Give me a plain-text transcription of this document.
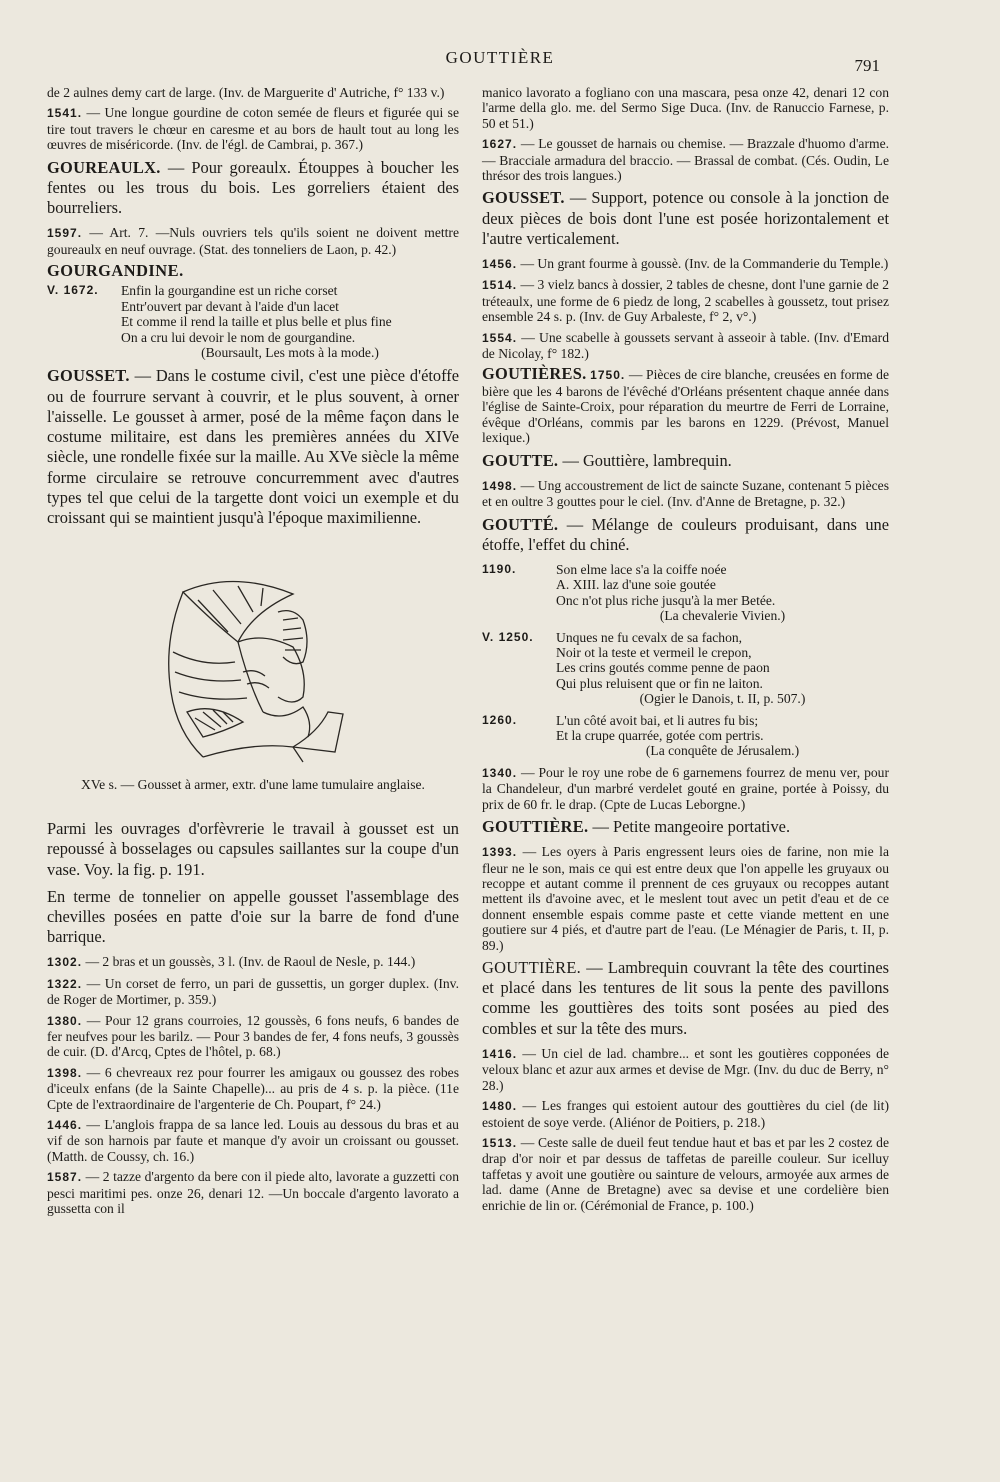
GOUTTIÈRE	791

de 2 aulnes demy cart de large. (Inv. de Marguerite d' Autriche, f° 133 v.)

1541. — Une longue gourdine de coton semée de fleurs et figurée qui se tire tout travers le chœur en caresme et au bors de hault tout au long les œuvres de miséricorde. (Inv. de l'égl. de Cambrai, p. 367.)

GOUREAULX. — Pour goreaulx. Étouppes à boucher les fentes ou les trous du bois. Les gorreliers étaient des bourreliers.

1597. — Art. 7. —Nuls ouvriers tels qu'ils soient ne doivent mettre goureaulx en neuf ouvrage. (Stat. des tonneliers de Laon, p. 42.)

GOURGANDINE.
V. 1672.	Enfin la gourgandine est un riche corset
Entr'ouvert par devant à l'aide d'un lacet
Et comme il rend la taille et plus belle et plus fine
On a cru lui devoir le nom de gourgandine.
(Boursault, Les mots à la mode.)

GOUSSET. — Dans le costume civil, c'est une pièce d'étoffe ou de fourrure servant à couvrir, et le plus souvent, à orner l'aisselle. Le gousset à armer, posé de la même façon dans le costume militaire, est dans les premières années du XIVe siècle, une rondelle fixée sur la maille. Au XVe siècle la même forme circulaire se retrouve concurremment avec d'autres types tel que celui de la targette dont voici un exemple et du croissant qui se maintient jusqu'à l'époque maximilienne.

XVe s. — Gousset à armer, extr. d'une lame tumulaire anglaise.

Parmi les ouvrages d'orfèvrerie le travail à gousset est un repoussé à bosselages ou capsules saillantes sur la coupe d'un vase. Voy. la fig. p. 191.

En terme de tonnelier on appelle gousset l'assemblage des chevilles posées en patte d'oie sur la barre de fond d'une barrique.

1302. — 2 bras et un goussès, 3 l. (Inv. de Raoul de Nesle, p. 144.)

1322. — Un corset de ferro, un pari de gussettis, un gorger duplex. (Inv. de Roger de Mortimer, p. 359.)

1380. — Pour 12 grans courroies, 12 goussès, 6 fons neufs, 6 bandes de fer neufves pour les barilz. — Pour 3 bandes de fer, 4 fons neufs, 3 goussès de cuir. (D. d'Arcq, Cptes de l'hôtel, p. 68.)

1398. — 6 chevreaux rez pour fourrer les amigaux ou goussez des robes d'iceulx enfans (de la Sainte Chapelle)... au pris de 4 s. p. la pièce. (11e Cpte de l'extraordinaire de l'argenterie de Ch. Poupart, f° 24.)

1446. — L'anglois frappa de sa lance led. Louis au dessous du bras et au vif de son harnois par faute et manque d'y avoir un croissant ou gousset. (Matth. de Coussy, ch. 16.)

1587. — 2 tazze d'argento da bere con il piede alto, lavorate a guzzetti con pesci maritimi pes. onze 26, denari 12. —Un boccale d'argento lavorato a gussetta con il

manico lavorato a fogliano con una mascara, pesa onze 42, denari 12 con l'arme della glo. me. del Sermo Sige Duca. (Inv. de Ranuccio Farnese, p. 50 et 51.)

1627. — Le gousset de harnais ou chemise. — Brazzale d'huomo d'arme. — Bracciale armadura del braccio. — Brassal de combat. (Cés. Oudin, Le thrésor des trois langues.)

GOUSSET. — Support, potence ou console à la jonction de deux pièces de bois dont l'une est posée horizontalement et l'autre verticalement.

1456. — Un grant fourme à goussè. (Inv. de la Commanderie du Temple.)

1514. — 3 vielz bancs à dossier, 2 tables de chesne, dont l'une garnie de 2 tréteaulx, une forme de 6 piedz de long, 2 scabelles à goussetz, tout prisez ensemble 24 s. p. (Inv. de Guy Arbaleste, f° 2, v°.)

1554. — Une scabelle à goussets servant à asseoir à table. (Inv. d'Emard de Nicolay, f° 182.)

GOUTIÈRES. 1750. — Pièces de cire blanche, creusées en forme de bière que les 4 barons de l'évêché d'Orléans présentent chaque année dans l'église de Sainte-Croix, pour réparation du meurtre de Ferri de Lorraine, évêque d'Orléans, commis par les barons en 1229. (Prévost, Manuel lexique.)

GOUTTE. — Gouttière, lambrequin.

1498. — Ung accoustrement de lict de saincte Suzane, contenant 5 pièces et en oultre 3 gouttes pour le ciel. (Inv. d'Anne de Bretagne, p. 32.)

GOUTTÉ. — Mélange de couleurs produisant, dans une étoffe, l'effet du chiné.

1190.	Son elme lace s'a la coiffe noée
A. XIII. laz d'une soie goutée
Onc n'ot plus riche jusqu'à la mer Betée.
(La chevalerie Vivien.)
V. 1250.	Unques ne fu cevalx de sa fachon,
Noir ot la teste et vermeil le crepon,
Les crins goutés comme penne de paon
Qui plus reluisent que or fin ne laiton.
(Ogier le Danois, t. II, p. 507.)
1260.	L'un côté avoit bai, et li autres fu bis;
Et la crupe quarrée, gotée com pertris.
(La conquête de Jérusalem.)

1340. — Pour le roy une robe de 6 garnemens fourrez de menu ver, pour la Chandeleur, d'un marbré verdelet gouté en graine, portée à Poissy, du prix de 60 fr. le drap. (Cpte de Lucas Leborgne.)

GOUTTIÈRE. — Petite mangeoire portative.

1393. — Les oyers à Paris engressent leurs oies de farine, non mie la fleur ne le son, mais ce qui est entre deux que l'on appelle les gruyaux ou recoppe et autant comme il prennent de ces gruyaux ou recoppes autant mettent ils d'avoine avec, et le meslent tout avec un petit d'eau et de ce donnent ensemble espais comme paste et cette viande mettent en une goutiere sur 4 piés, et d'autre part de l'eau. (Le Ménagier de Paris, t. II, p. 89.)

GOUTTIÈRE. — Lambrequin couvrant la tête des courtines et placé dans les tentures de lit sous la pente des pavillons comme les gouttières des toits sont posées au pied des combles et sur la tête des murs.

1416. — Un ciel de lad. chambre... et sont les goutières copponées de veloux blanc et azur aux armes et devise de Mgr. (Inv. du duc de Berry, n° 28.)

1480. — Les franges qui estoient autour des gouttières du ciel (de lit) estoient de soye verde. (Aliénor de Poitiers, p. 218.)

1513. — Ceste salle de dueil feut tendue haut et bas et par les 2 costez de drap d'or noir et par dessus de taffetas de pareille couleur. Sur icelluy taffetas y avoit une goutière ou sainture de velours, armoyée aux armes de lad. dame (Anne de Bretagne) avec sa devise et une cordelière bien enrichie de lin or. (Cérémonial de France, p. 100.)
